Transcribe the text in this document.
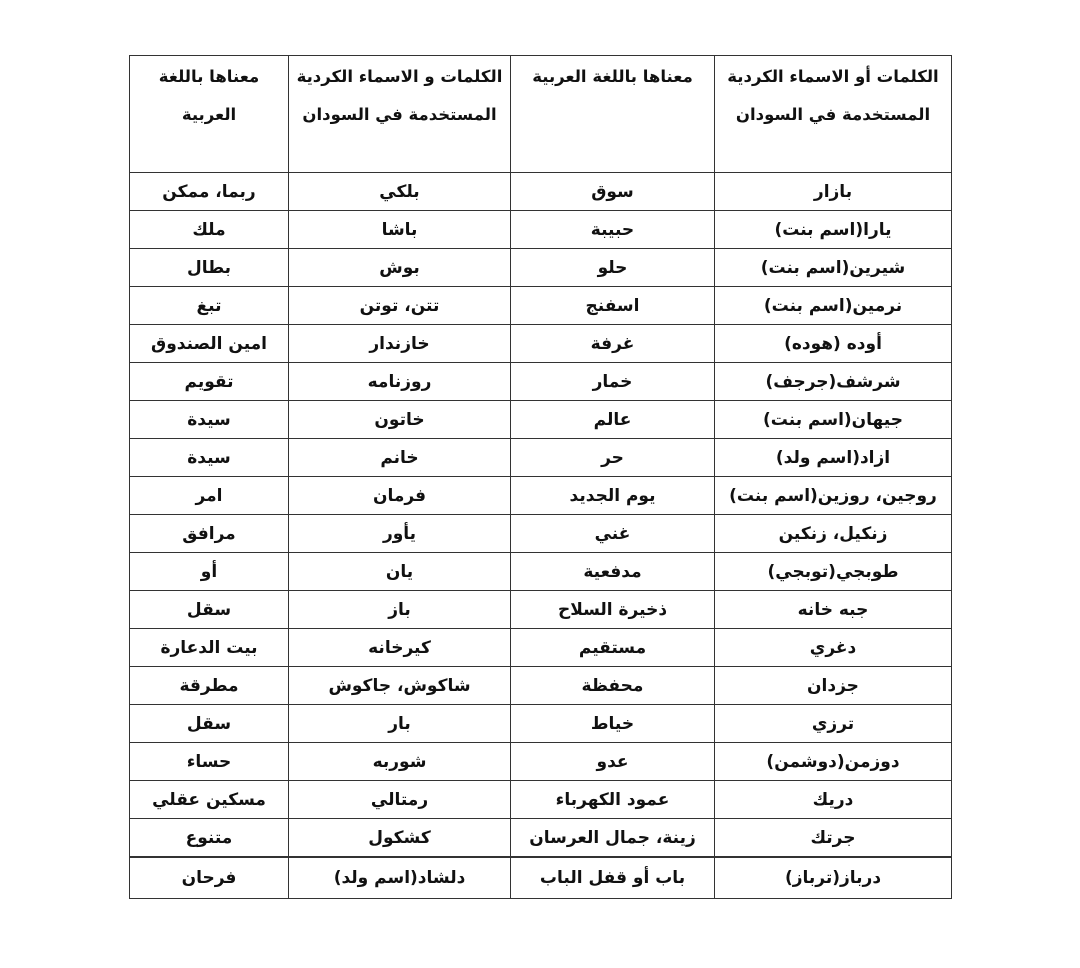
الكلمات أو الاسماء الكردية المستخدمة في السودان	معناها باللغة العربية	الكلمات و الاسماء الكردية المستخدمة في السودان	معناها باللغة العربية
بازار	سوق	بلكي	ربما، ممكن
يارا(اسم بنت)	حبيبة	باشا	ملك
شيرين(اسم بنت)	حلو	بوش	بطال
نرمين(اسم بنت)	اسفنج	تتن، توتن	تبغ
أوده (هوده)	غرفة	خازندار	امين الصندوق
شرشف(جرجف)	خمار	روزنامه	تقويم
جيهان(اسم بنت)	عالم	خاتون	سيدة
ازاد(اسم ولد)	حر	خانم	سيدة
روجين، روزين(اسم بنت)	يوم الجديد	فرمان	امر
زنكيل، زنكين	غني	يأور	مرافق
طوبجي(توبجي)	مدفعية	يان	أو
جبه خانه	ذخيرة السلاح	باز	سقل
دغري	مستقيم	كيرخانه	بيت الدعارة
جزدان	محفظة	شاكوش، جاكوش	مطرقة
ترزي	خياط	بار	سقل
دوزمن(دوشمن)	عدو	شوربه	حساء
دريك	عمود الكهرباء	رمتالي	مسكين عقلي
جرتك	زينة، جمال العرسان	كشكول	متنوع
درباز(ترباز)	باب أو قفل الباب	دلشاد(اسم ولد)	فرحان
